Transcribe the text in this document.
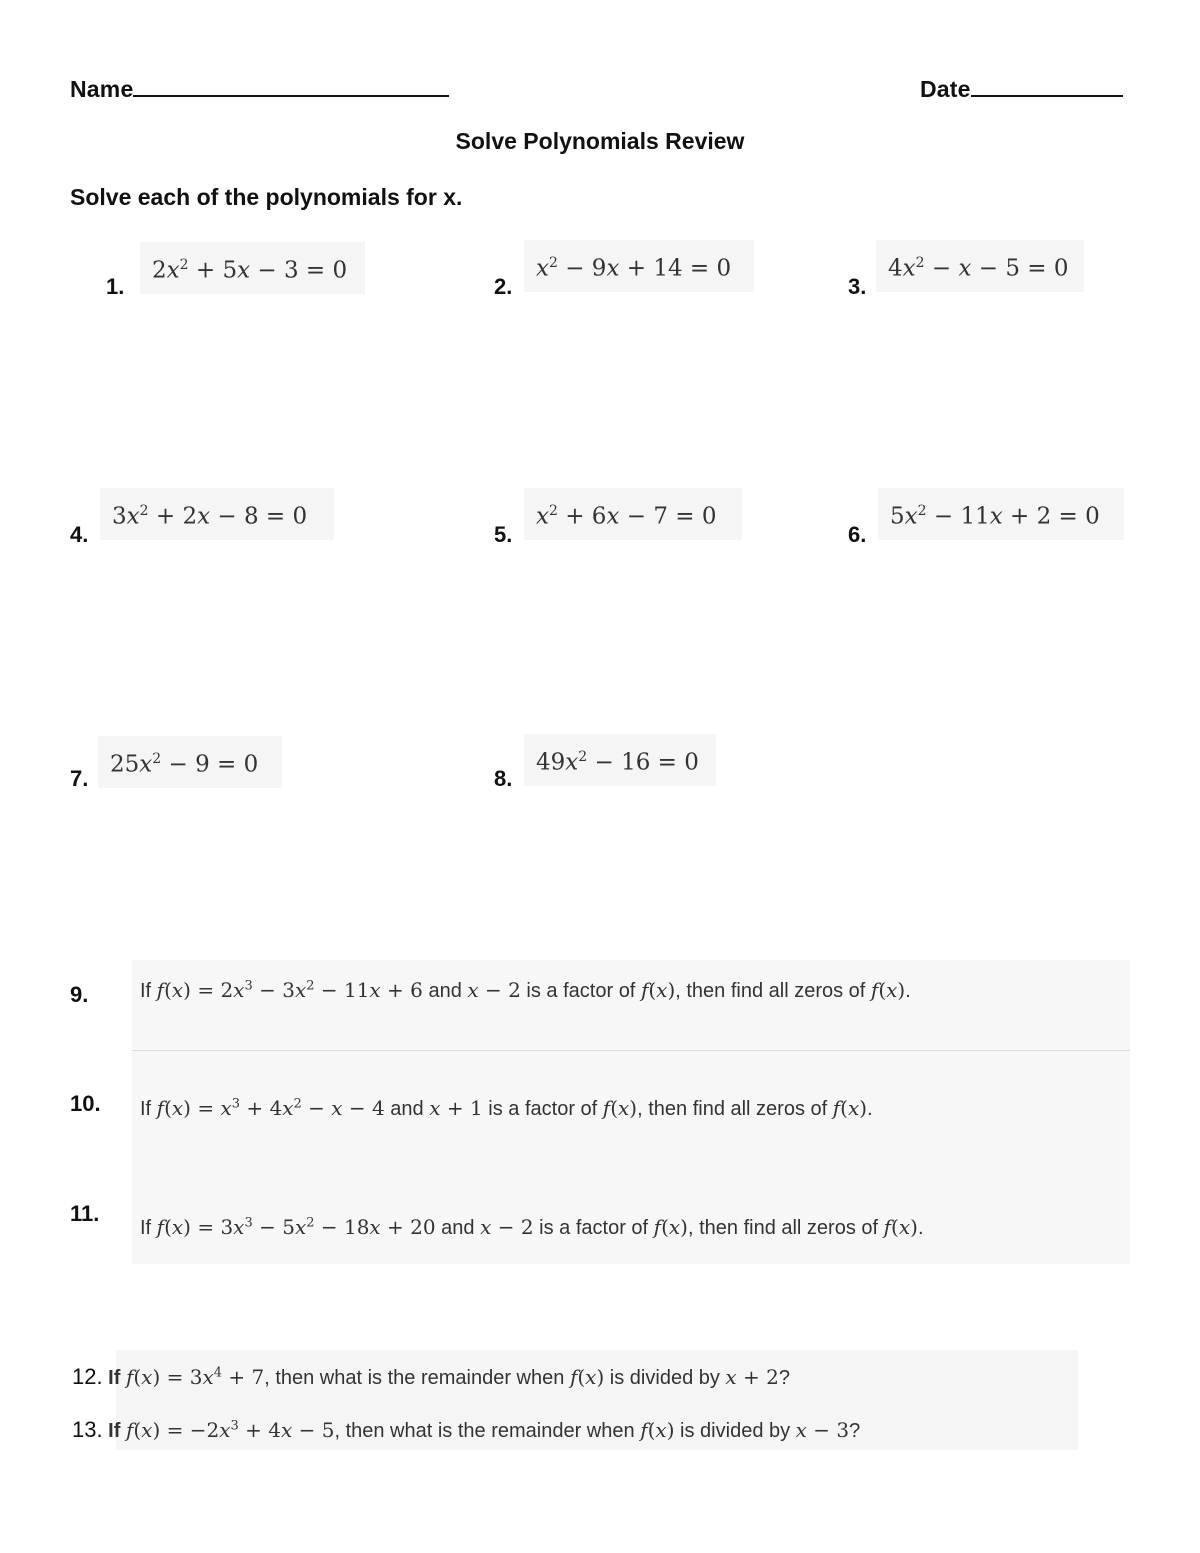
Name	Date
Solve Polynomials Review
Solve each of the polynomials for x.
1.
$2x^2 + 5x - 3 = 0$
2.
$x^2 - 9x + 14 = 0$
3.
$4x^2 - x - 5 = 0$
4.
$3x^2 + 2x - 8 = 0$
5.
$x^2 + 6x - 7 = 0$
6.
$5x^2 - 11x + 2 = 0$
7.
$25x^2 - 9 = 0$
8.
$49x^2 - 16 = 0$
9.	If $f(x) = 2x^3 - 3x^2 - 11x + 6$ and x − 2 is a factor of f(x), then find all zeros of f(x).
10. If $f(x) = x^3 + 4x^2 - x - 4$ and x + 1 is a factor of f(x), then find all zeros of f(x).
11.
If $f(x) = 3x^3 - 5x^2 - 18x + 20$ and x − 2 is a factor of f(x), then find all zeros of f(x).
12. If $f(x) = 3x^4 + 7$, then what is the remainder when f(x) is divided by x + 2?
13. If $f(x) = -2x^3 + 4x - 5$, then what is the remainder when f(x) is divided by x − 3?
